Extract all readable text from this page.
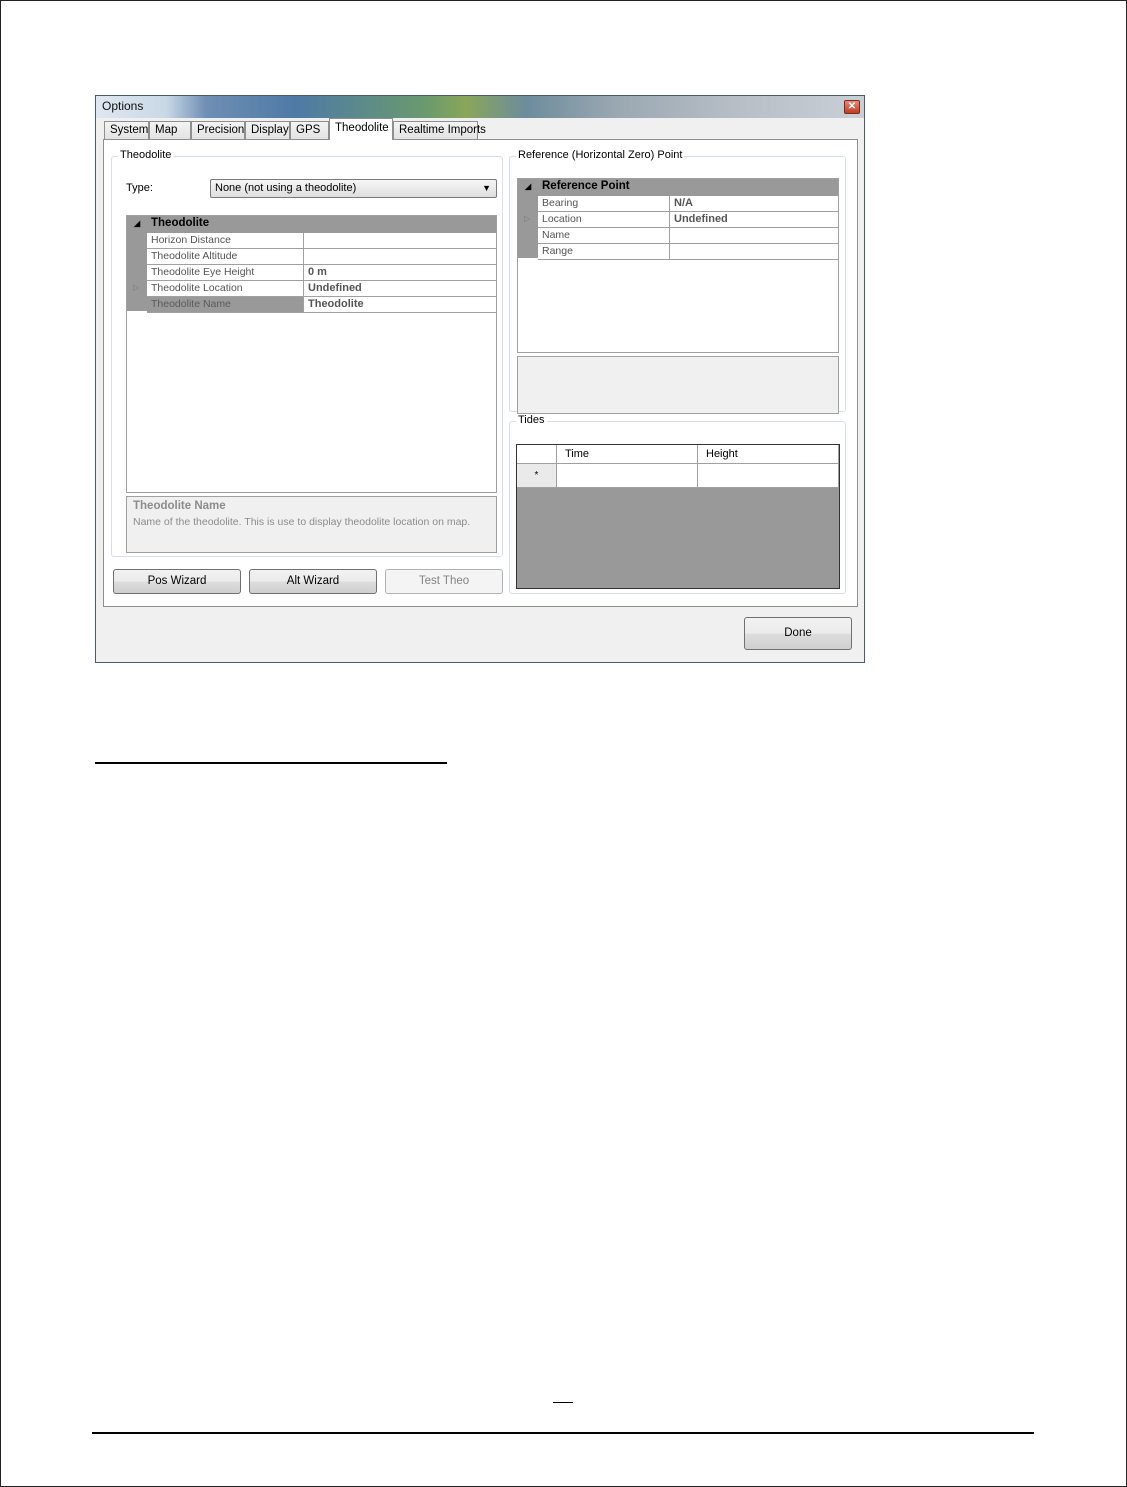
Options	✕
System Map	Precision Display GPS	Theodolite Realtime Imports
Theodolite
Type:	None (not using a theodolite)	▼
◢ Theodolite
Horizon Distance
Theodolite Altitude
Theodolite Eye Height	0 m
▷	Theodolite Location	Undefined
Theodolite Name	Theodolite
Theodolite Name
Name of the theodolite. This is use to display theodolite location on map.
Pos Wizard	Alt Wizard	Test Theo
Reference (Horizontal Zero) Point
◢ Reference Point
Bearing	N/A
▷	Location	Undefined
Name
Range
Tides
Time	Height
*
Done
